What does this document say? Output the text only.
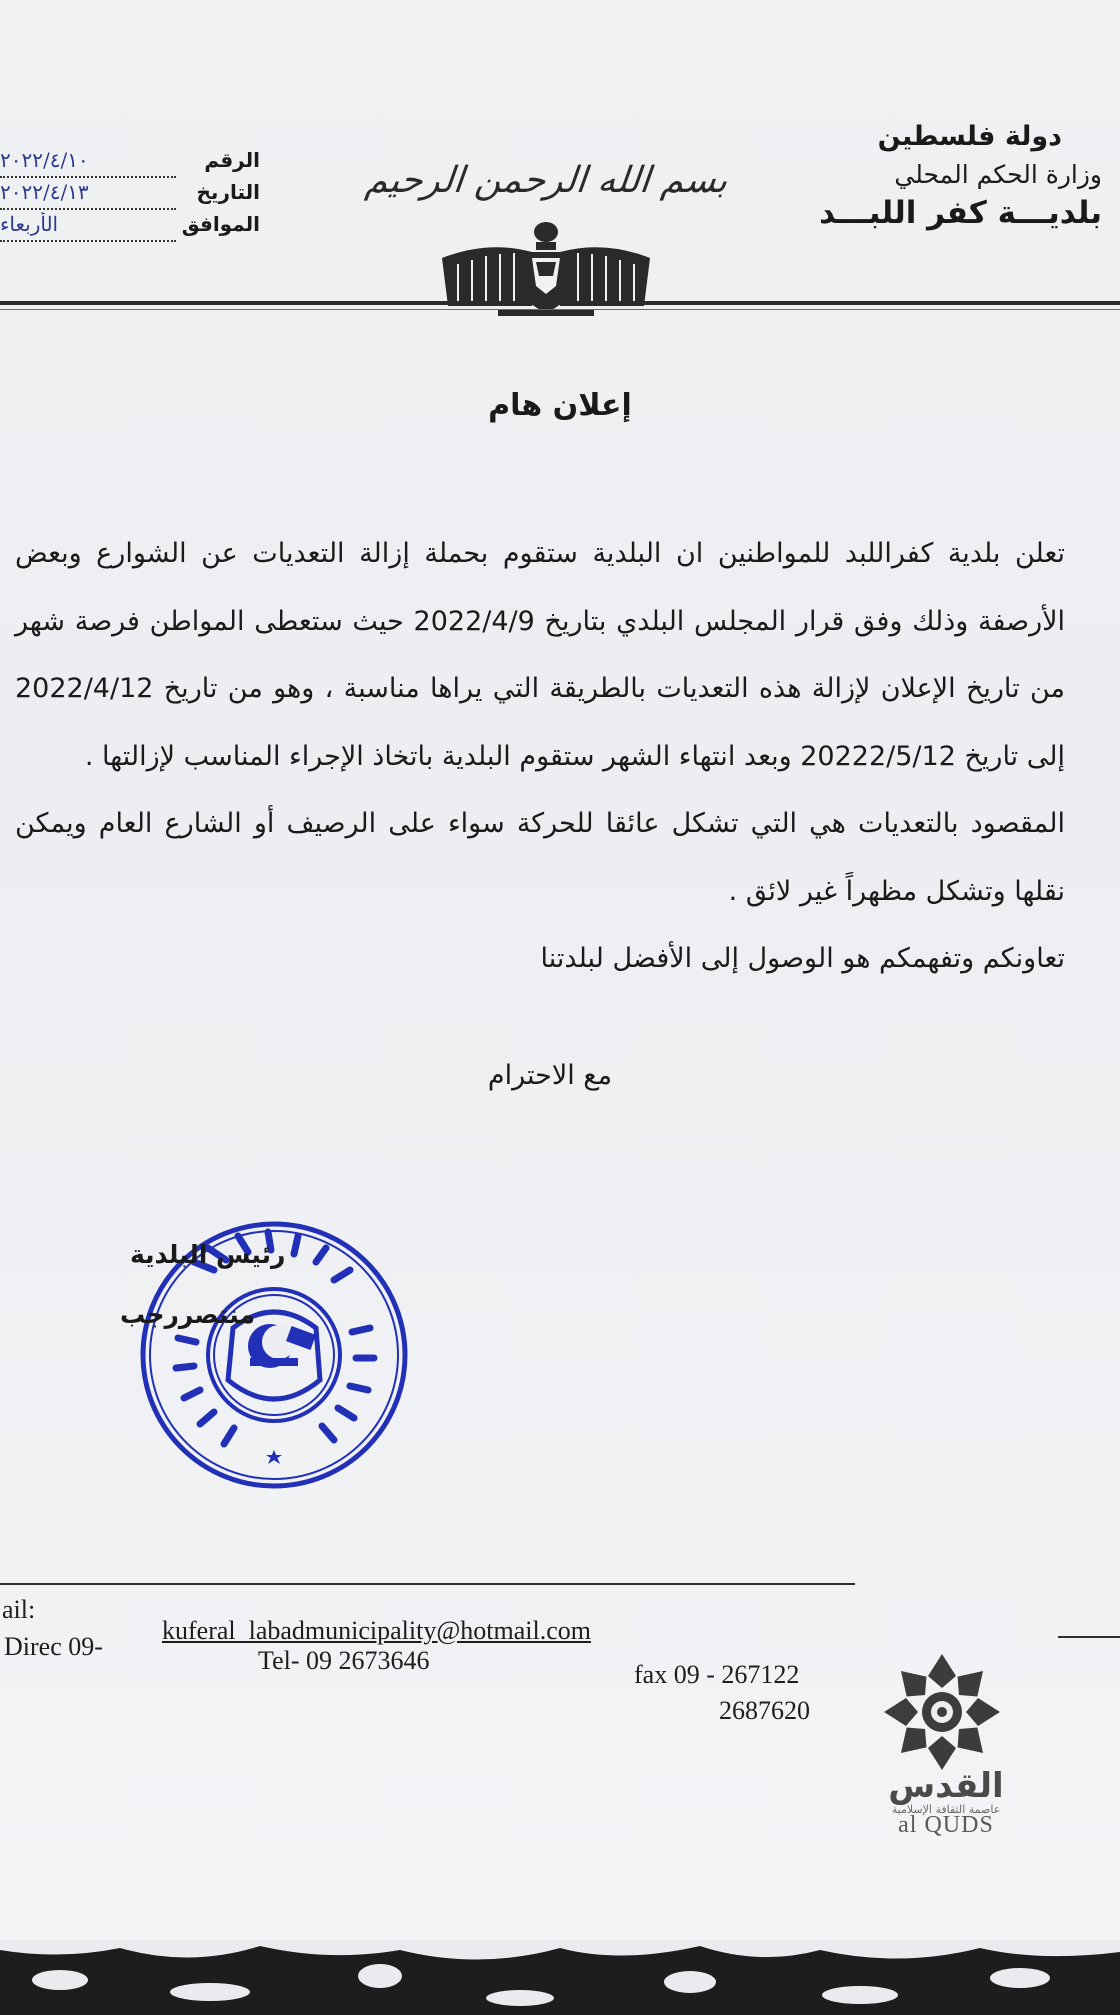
دولة فلسطين
وزارة الحكم المحلي
بلديـــة كفر اللبـــد
الرقم
٢٠٢٢/٤/١٠
التاريخ
٢٠٢٢/٤/١٣
الموافق
الأربعاء
بسم الله الرحمن الرحيم
إعلان هام

تعلن بلدية كفراللبد للمواطنين ان البلدية ستقوم بحملة إزالة التعديات عن الشوارع وبعض الأرصفة وذلك وفق قرار المجلس البلدي بتاريخ 2022/4/9 حيث ستعطى المواطن فرصة شهر من تاريخ الإعلان لإزالة هذه التعديات بالطريقة التي يراها مناسبة ، وهو من تاريخ 2022/4/12 إلى تاريخ 20222/5/12 وبعد انتهاء الشهر ستقوم البلدية باتخاذ الإجراء المناسب لإزالتها .

المقصود بالتعديات هي التي تشكل عائقا للحركة سواء على الرصيف أو الشارع العام ويمكن نقلها وتشكل مظهراً غير لائق .

تعاونكم وتفهمكم هو الوصول إلى الأفضل لبلدتنا

مع الاحترام
رئيس البلدية
منتصررجب
ail:
Direc 09-
kuferal_labadmunicipality@hotmail.com
Tel- 09 2673646	fax 09 - 267122
2687620
القدس
عاصمة الثقافة الإسلامية
al QUDS
